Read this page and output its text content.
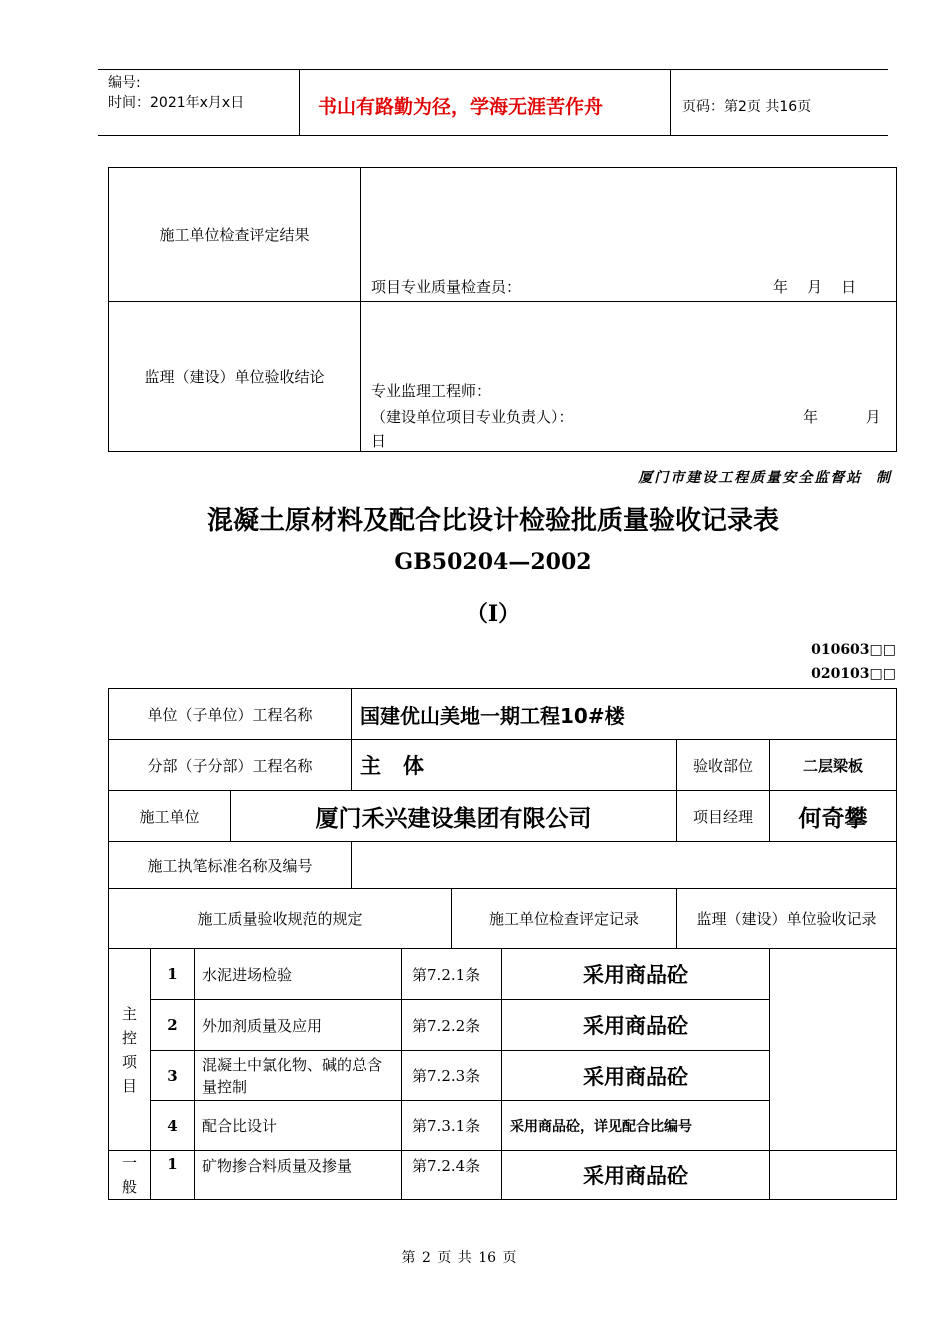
编号:
时间：2021年x月x日	书山有路勤为径，学海无涯苦作舟	页码：第2页 共16页
施工单位检查评定结果	项目专业质量检查员： 年    月    日

监理（建设）单位验收结论	专业监理工程师：
（建设单位项目专业负责人）： 年          月
日
厦门市建设工程质量安全监督站  制
混凝土原材料及配合比设计检验批质量验收记录表
GB50204—2002
（I）
010603□□
020103□□
单位（子单位）工程名称				国建优山美地一期工程10#楼					
分部（子分部）工程名称				主   体				验收部位	二层梁板
施工单位			厦门禾兴建设集团有限公司					项目经理	何奇攀
施工执笔标准名称及编号									
施工质量验收规范的规定						施工单位检查评定记录		监理（建设）单位验收记录	
主控项目	1	水泥进场检验			第7.2.1条		采用商品砼		
	2	外加剂质量及应用			第7.2.2条		采用商品砼		
	3	混凝土中氯化物、碱的总含量控制			第7.2.3条		采用商品砼		
	4	配合比设计			第7.3.1条		采用商品砼，详见配合比编号		
一般	1	矿物掺合料质量及掺量			第7.2.4条		采用商品砼		
第 2 页 共 16 页
